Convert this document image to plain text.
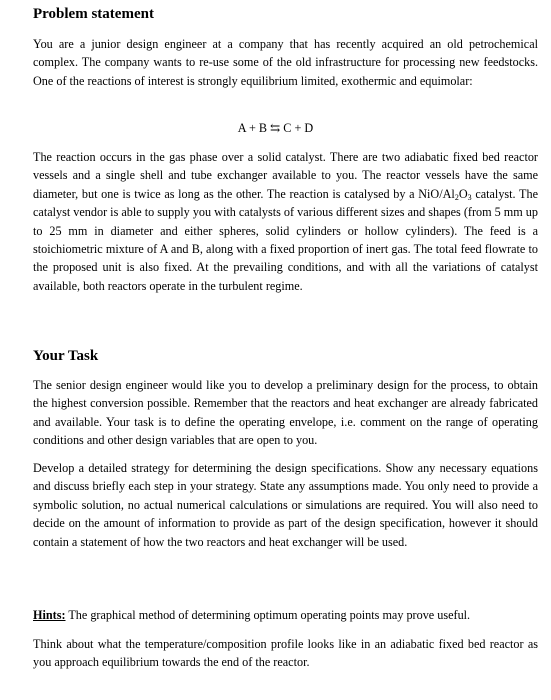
Problem statement

You are a junior design engineer at a company that has recently acquired an old petrochemical complex. The company wants to re-use some of the old infrastructure for processing new feedstocks. One of the reactions of interest is strongly equilibrium limited, exothermic and equimolar:

A + B ⇆ C + D

The reaction occurs in the gas phase over a solid catalyst. There are two adiabatic fixed bed reactor vessels and a single shell and tube exchanger available to you. The reactor vessels have the same diameter, but one is twice as long as the other. The reaction is catalysed by a NiO/$Al_2O_3$ catalyst. The catalyst vendor is able to supply you with catalysts of various different sizes and shapes (from 5 mm up to 25 mm in diameter and either spheres, solid cylinders or hollow cylinders). The feed is a stoichiometric mixture of A and B, along with a fixed proportion of inert gas. The total feed flowrate to the proposed unit is also fixed. At the prevailing conditions, and with all the variations of catalyst available, both reactors operate in the turbulent regime.

Your Task

The senior design engineer would like you to develop a preliminary design for the process, to obtain the highest conversion possible. Remember that the reactors and heat exchanger are already fabricated and available. Your task is to define the operating envelope, i.e. comment on the range of operating conditions and other design variables that are open to you.

Develop a detailed strategy for determining the design specifications. Show any necessary equations and discuss briefly each step in your strategy. State any assumptions made. You only need to provide a symbolic solution, no actual numerical calculations or simulations are required. You will also need to decide on the amount of information to provide as part of the design specification, however it should contain a statement of how the two reactors and heat exchanger will be used.

Hints: The graphical method of determining optimum operating points may prove useful.

Think about what the temperature/composition profile looks like in an adiabatic fixed bed reactor as you approach equilibrium towards the end of the reactor.
